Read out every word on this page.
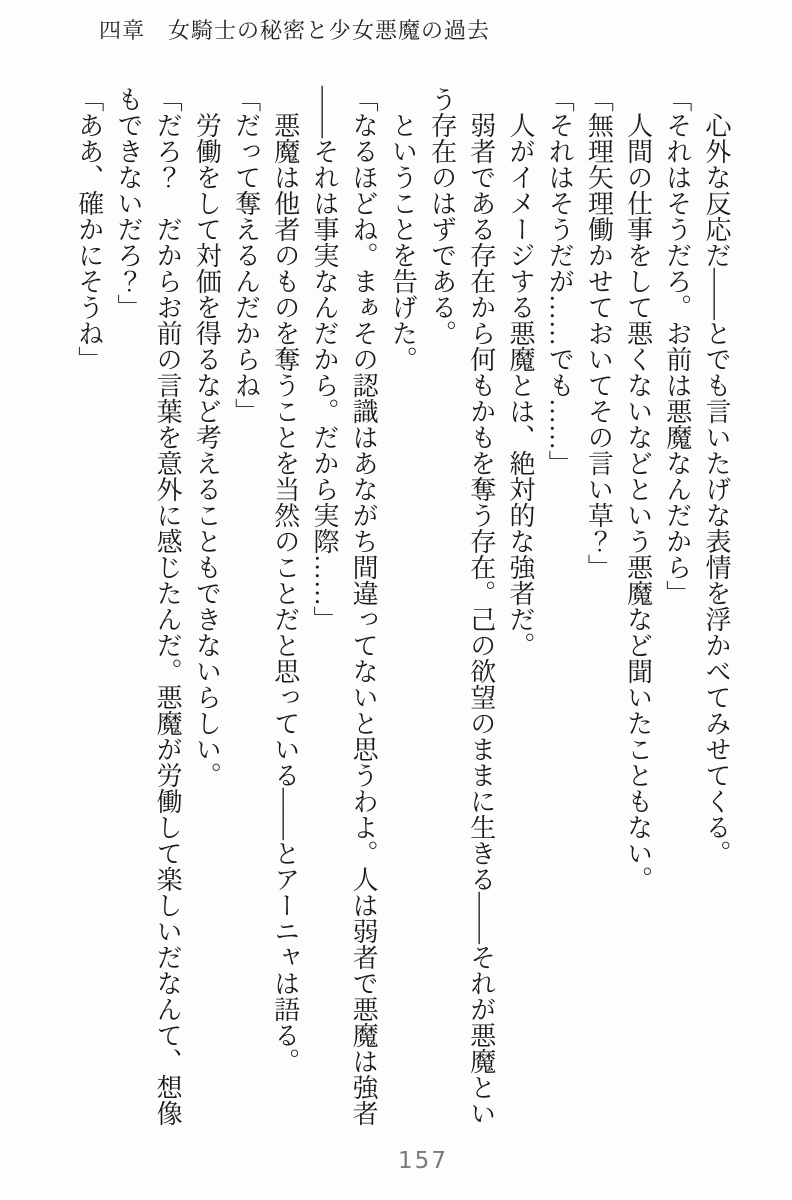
四章　女騎士の秘密と少女悪魔の過去

心外な反応だ——とでも言いたげな表情を浮かべてみせてくる。

「それはそうだろ。お前は悪魔なんだから」

人間の仕事をして悪くないなどという悪魔など聞いたこともない。

「無理矢理働かせておいてその言い草？」

「それはそうだが……でも……」

人がイメージする悪魔とは、絶対的な強者だ。

弱者である存在から何もかもを奪う存在。己の欲望のままに生きる——それが悪魔という存在のはずである。

ということを告げた。

「なるほどね。まぁその認識はあながち間違ってないと思うわよ。人は弱者で悪魔は強者——それは事実なんだから。だから実際……」

悪魔は他者のものを奪うことを当然のことだと思っている——とアーニャは語る。

「だって奪えるんだからね」

労働をして対価を得るなど考えることもできないらしい。

「だろ？　だからお前の言葉を意外に感じたんだ。悪魔が労働して楽しいだなんて、想像もできないだろ？」

「ああ、確かにそうね」

157
